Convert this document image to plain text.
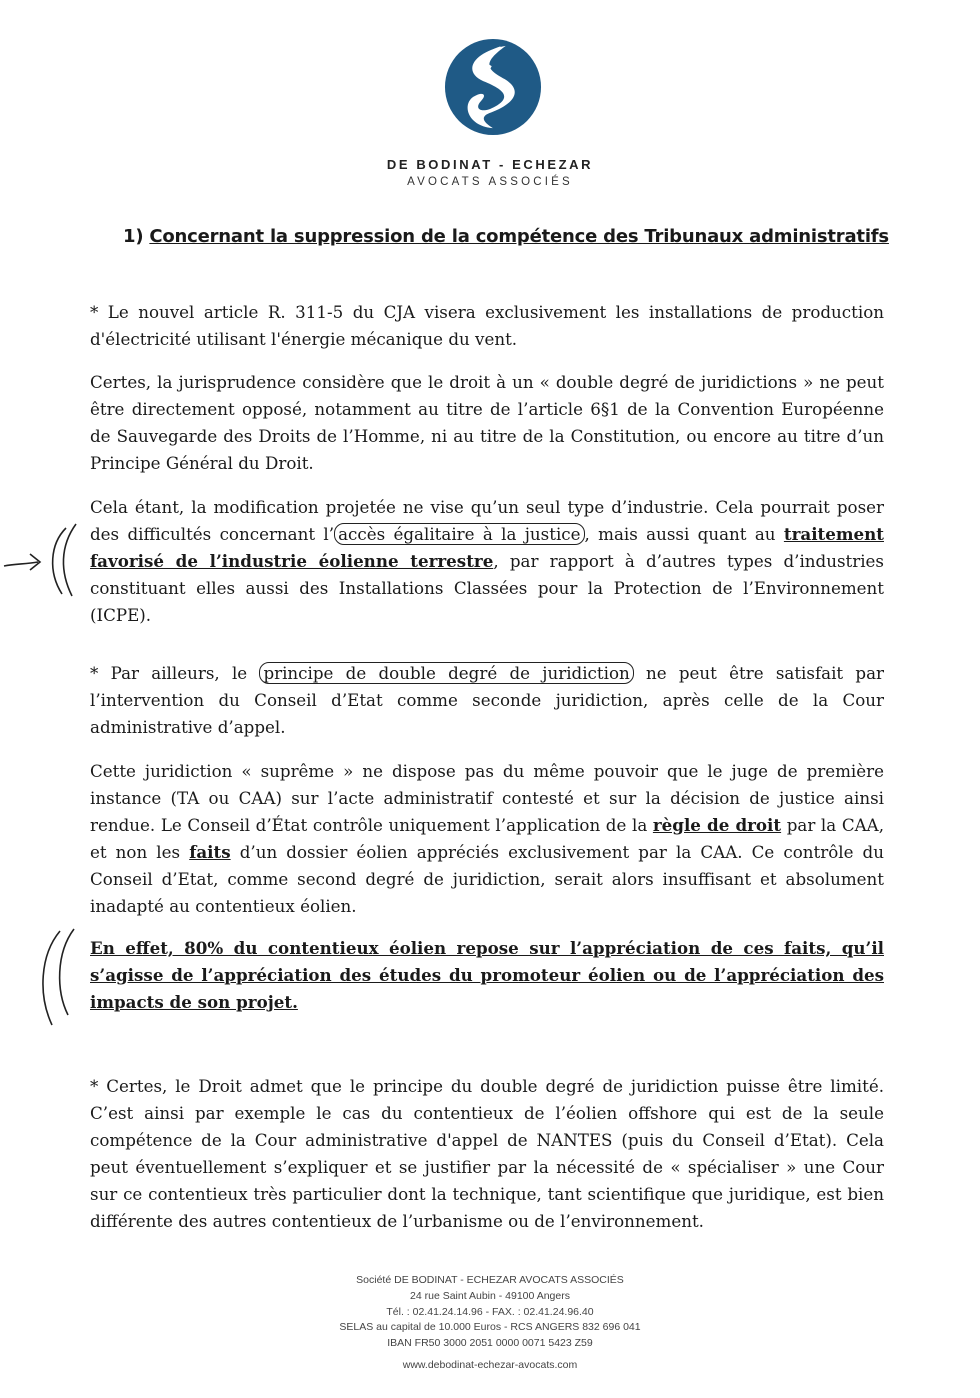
DE BODINAT - ECHEZAR
AVOCATS ASSOCIÉS
1) Concernant la suppression de la compétence des Tribunaux administratifs

* Le nouvel article R. 311-5 du CJA visera exclusivement les installations de production d'électricité utilisant l'énergie mécanique du vent.

Certes, la jurisprudence considère que le droit à un « double degré de juridictions » ne peut être directement opposé, notamment au titre de l’article 6§1 de la Convention Européenne de Sauvegarde des Droits de l’Homme, ni au titre de la Constitution, ou encore au titre d’un Principe Général du Droit.

Cela étant, la modification projetée ne vise qu’un seul type d’industrie. Cela pourrait poser des difficultés concernant l’ accès égalitaire à la justice , mais aussi quant au traitement favorisé de l’industrie éolienne terrestre, par rapport à d’autres types d’industries constituant elles aussi des Installations Classées pour la Protection de l’Environnement (ICPE).

* Par ailleurs, le principe de double degré de juridiction ne peut être satisfait par l’intervention du Conseil d’Etat comme seconde juridiction, après celle de la Cour administrative d’appel.

Cette juridiction « suprême » ne dispose pas du même pouvoir que le juge de première instance (TA ou CAA) sur l’acte administratif contesté et sur la décision de justice ainsi rendue. Le Conseil d’État contrôle uniquement l’application de la règle de droit par la CAA, et non les faits d’un dossier éolien appréciés exclusivement par la CAA. Ce contrôle du Conseil d’Etat, comme second degré de juridiction, serait alors insuffisant et absolument inadapté au contentieux éolien.

En effet, 80% du contentieux éolien repose sur l’appréciation de ces faits, qu’il s’agisse de l’appréciation des études du promoteur éolien ou de l’appréciation des impacts de son projet.

* Certes, le Droit admet que le principe du double degré de juridiction puisse être limité. C’est ainsi par exemple le cas du contentieux de l’éolien offshore qui est de la seule compétence de la Cour administrative d'appel de NANTES (puis du Conseil d’Etat). Cela peut éventuellement s’expliquer et se justifier par la nécessité de « spécialiser » une Cour sur ce contentieux très particulier dont la technique, tant scientifique que juridique, est bien différente des autres contentieux de l’urbanisme ou de l’environnement.

Société DE BODINAT - ECHEZAR AVOCATS ASSOCIÉS
24 rue Saint Aubin - 49100 Angers
Tél. : 02.41.24.14.96 - FAX. : 02.41.24.96.40
SELAS au capital de 10.000 Euros - RCS ANGERS 832 696 041
IBAN FR50 3000 2051 0000 0071 5423 Z59
www.debodinat-echezar-avocats.com
